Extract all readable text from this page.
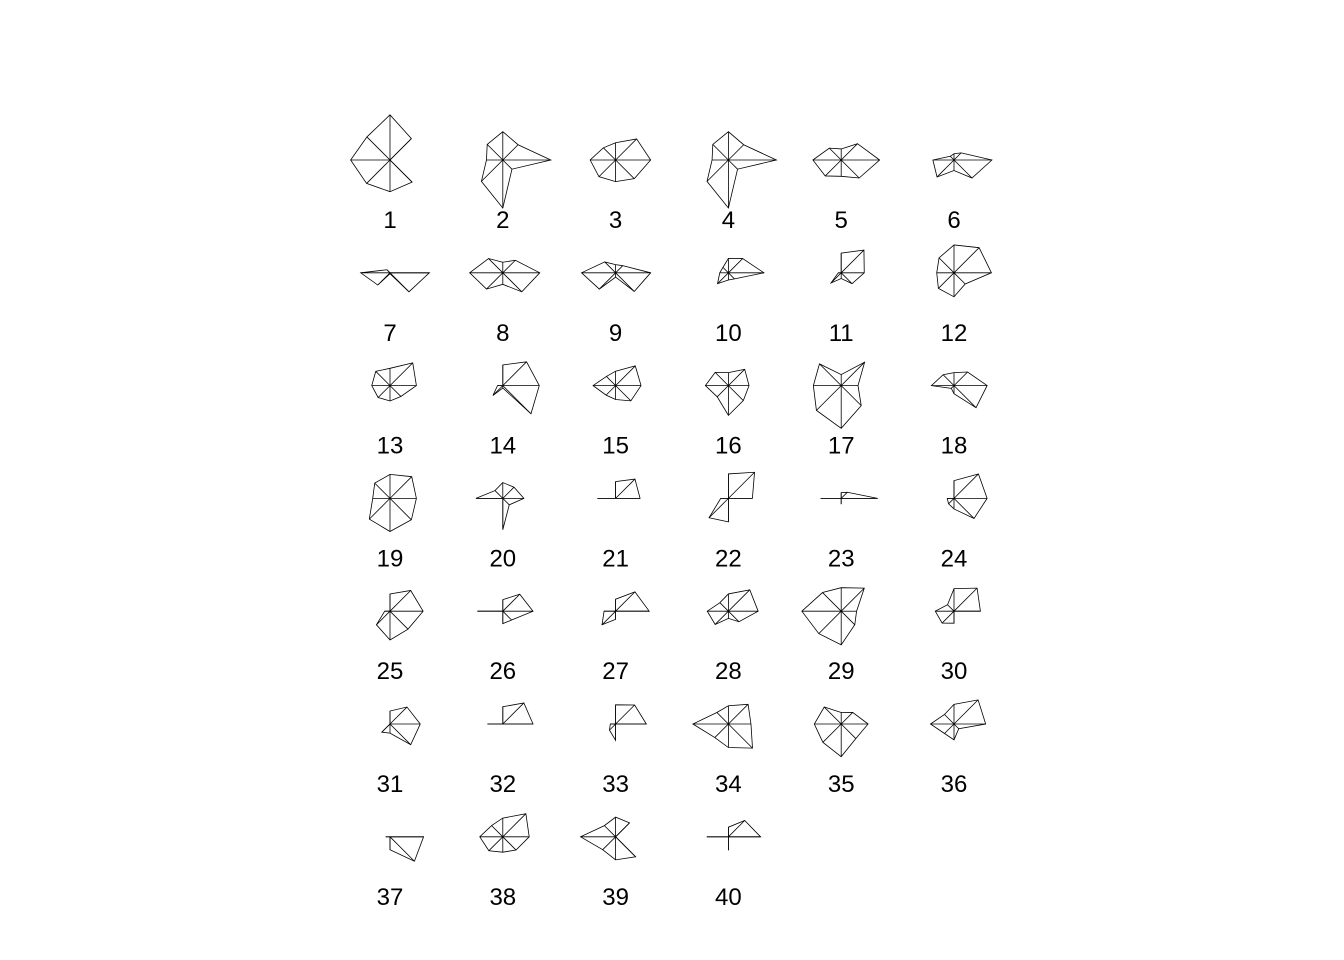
1	2	3	4	5	6
7	8	9	10	11	12
13	14	15	16	17	18
19	20	21	22	23	24
25	26	27	28	29	30
31	32	33	34	35	36
37	38	39	40
